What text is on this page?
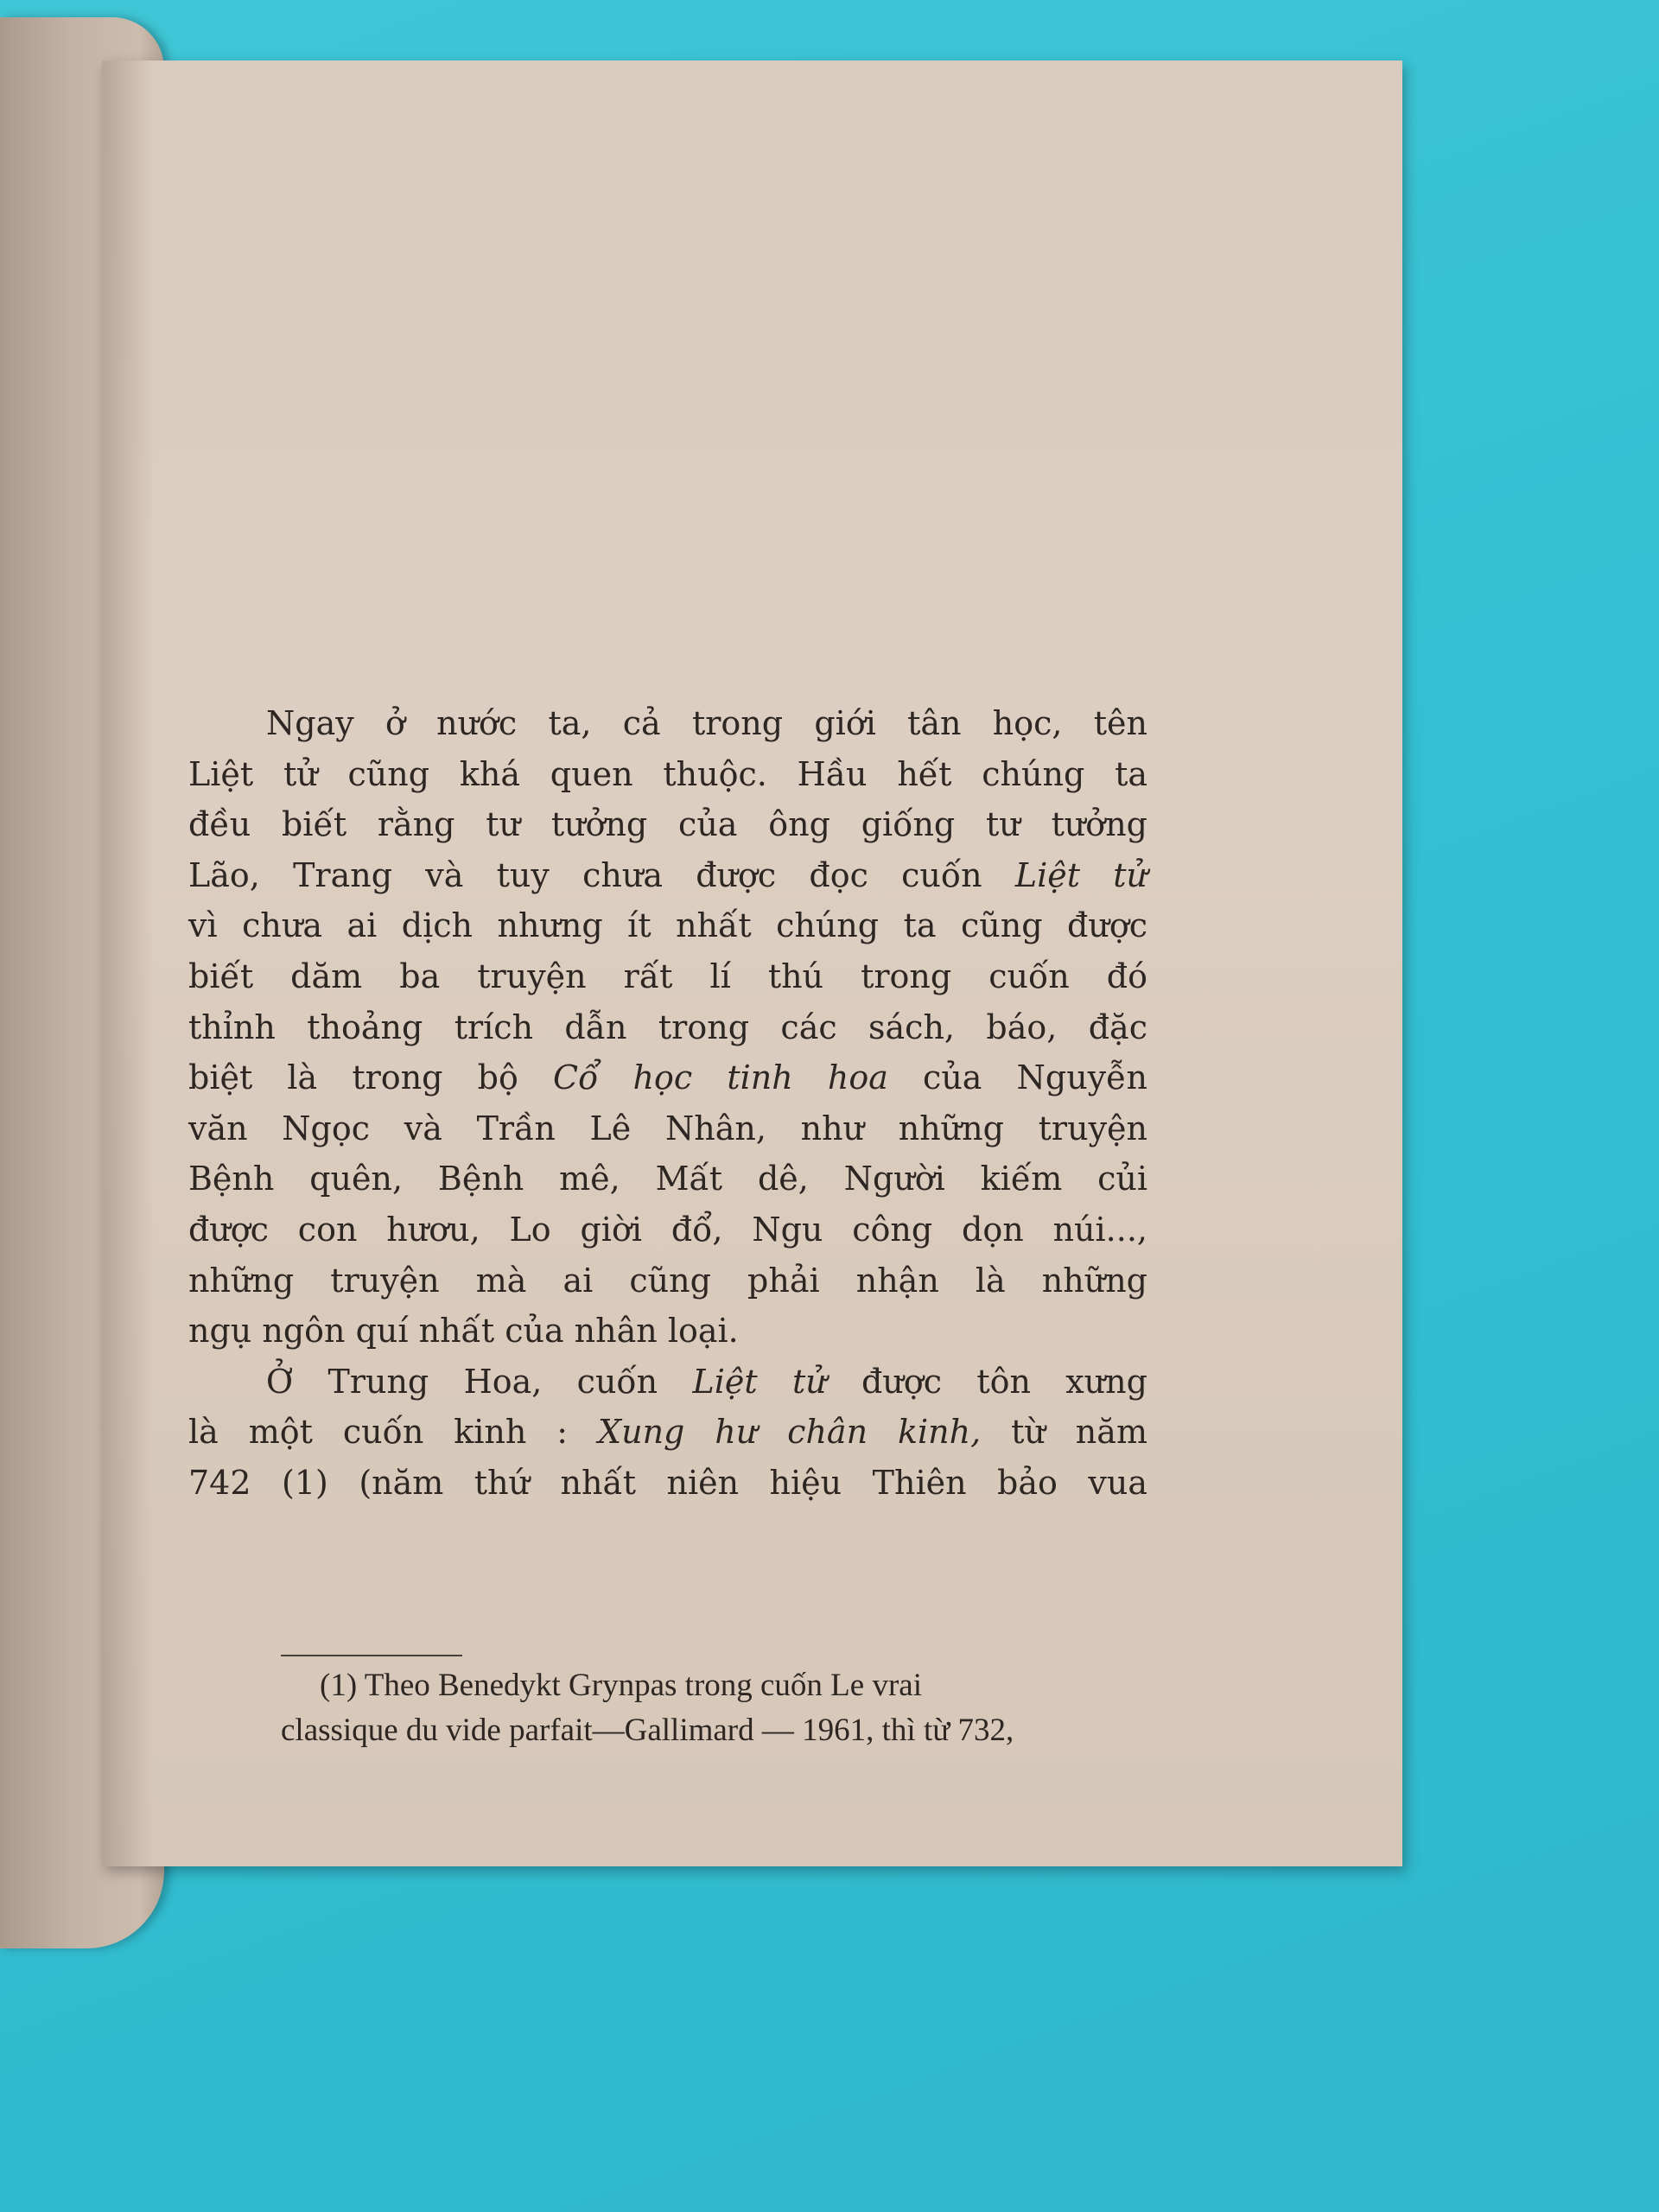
Ngay ở nước ta, cả trong giới tân học, tên
Liệt tử cũng khá quen thuộc. Hầu hết chúng ta
đều biết rằng tư tưởng của ông giống tư tưởng
Lão, Trang và tuy chưa được đọc cuốn Liệt tử
vì chưa ai dịch nhưng ít nhất chúng ta cũng được
biết dăm ba truyện rất lí thú trong cuốn đó
thỉnh thoảng trích dẫn trong các sách, báo, đặc
biệt là trong bộ Cổ học tinh hoa của Nguyễn
văn Ngọc và Trần Lê Nhân, như những truyện
Bệnh quên, Bệnh mê, Mất dê, Người kiếm củi
được con hươu, Lo giời đổ, Ngu công dọn núi...,
những truyện mà ai cũng phải nhận là những
ngụ ngôn quí nhất của nhân loại.

Ở Trung Hoa, cuốn Liệt tử được tôn xưng
là một cuốn kinh : Xung hư chân kinh, từ năm
742 (1) (năm thứ nhất niên hiệu Thiên bảo vua

(1) Theo Benedykt Grynpas trong cuốn Le vrai
classique du vide parfait—Gallimard — 1961, thì từ 732,
